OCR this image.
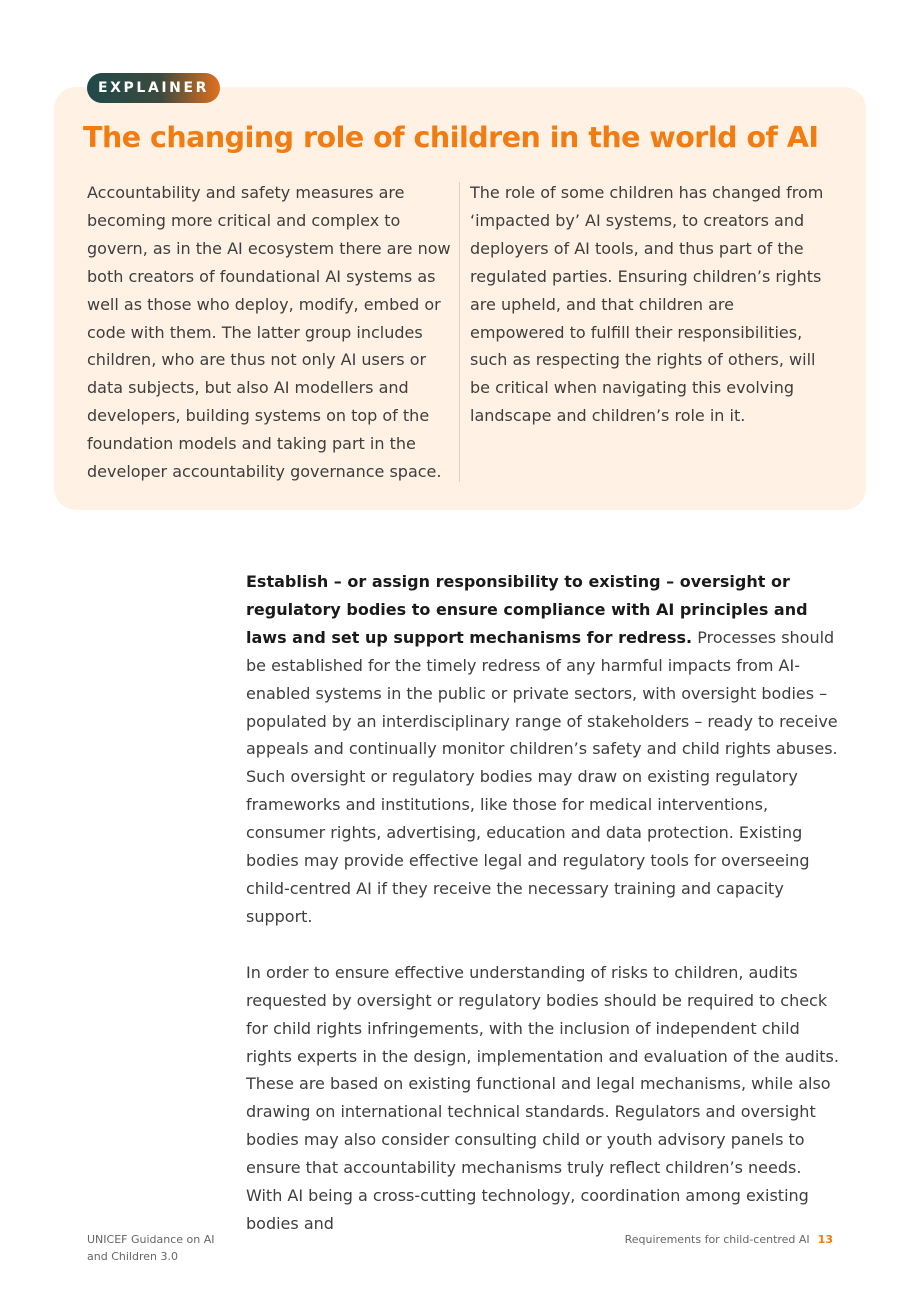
EXPLAINER
The changing role of children in the world of AI

Accountability and safety measures are becoming more critical and complex to govern, as in the AI ecosystem there are now both creators of foundational AI systems as well as those who deploy, modify, embed or code with them. The latter group includes children, who are thus not only AI users or data subjects, but also AI modellers and developers, building systems on top of the foundation models and taking part in the developer accountability governance space.

The role of some children has changed from ‘impacted by’ AI systems, to creators and deployers of AI tools, and thus part of the regulated parties. Ensuring children’s rights are upheld, and that children are empowered to fulfill their responsibilities, such as respecting the rights of others, will be critical when navigating this evolving landscape and children’s role in it.

Establish – or assign responsibility to existing – oversight or regulatory bodies to ensure compliance with AI principles and laws and set up support mechanisms for redress. Processes should be established for the timely redress of any harmful impacts from AI-enabled systems in the public or private sectors, with oversight bodies – populated by an interdisciplinary range of stakeholders – ready to receive appeals and continually monitor children’s safety and child rights abuses. Such oversight or regulatory bodies may draw on existing regulatory frameworks and institutions, like those for medical interventions, consumer rights, advertising, education and data protection. Existing bodies may provide effective legal and regulatory tools for overseeing child-centred AI if they receive the necessary training and capacity support.

In order to ensure effective understanding of risks to children, audits requested by oversight or regulatory bodies should be required to check for child rights infringements, with the inclusion of independent child rights experts in the design, implementation and evaluation of the audits. These are based on existing functional and legal mechanisms, while also drawing on international technical standards. Regulators and oversight bodies may also consider consulting child or youth advisory panels to ensure that accountability mechanisms truly reflect children’s needs. With AI being a cross-cutting technology, coordination among existing bodies and

UNICEF Guidance on AI
and Children 3.0
Requirements for child-centred AI 13
